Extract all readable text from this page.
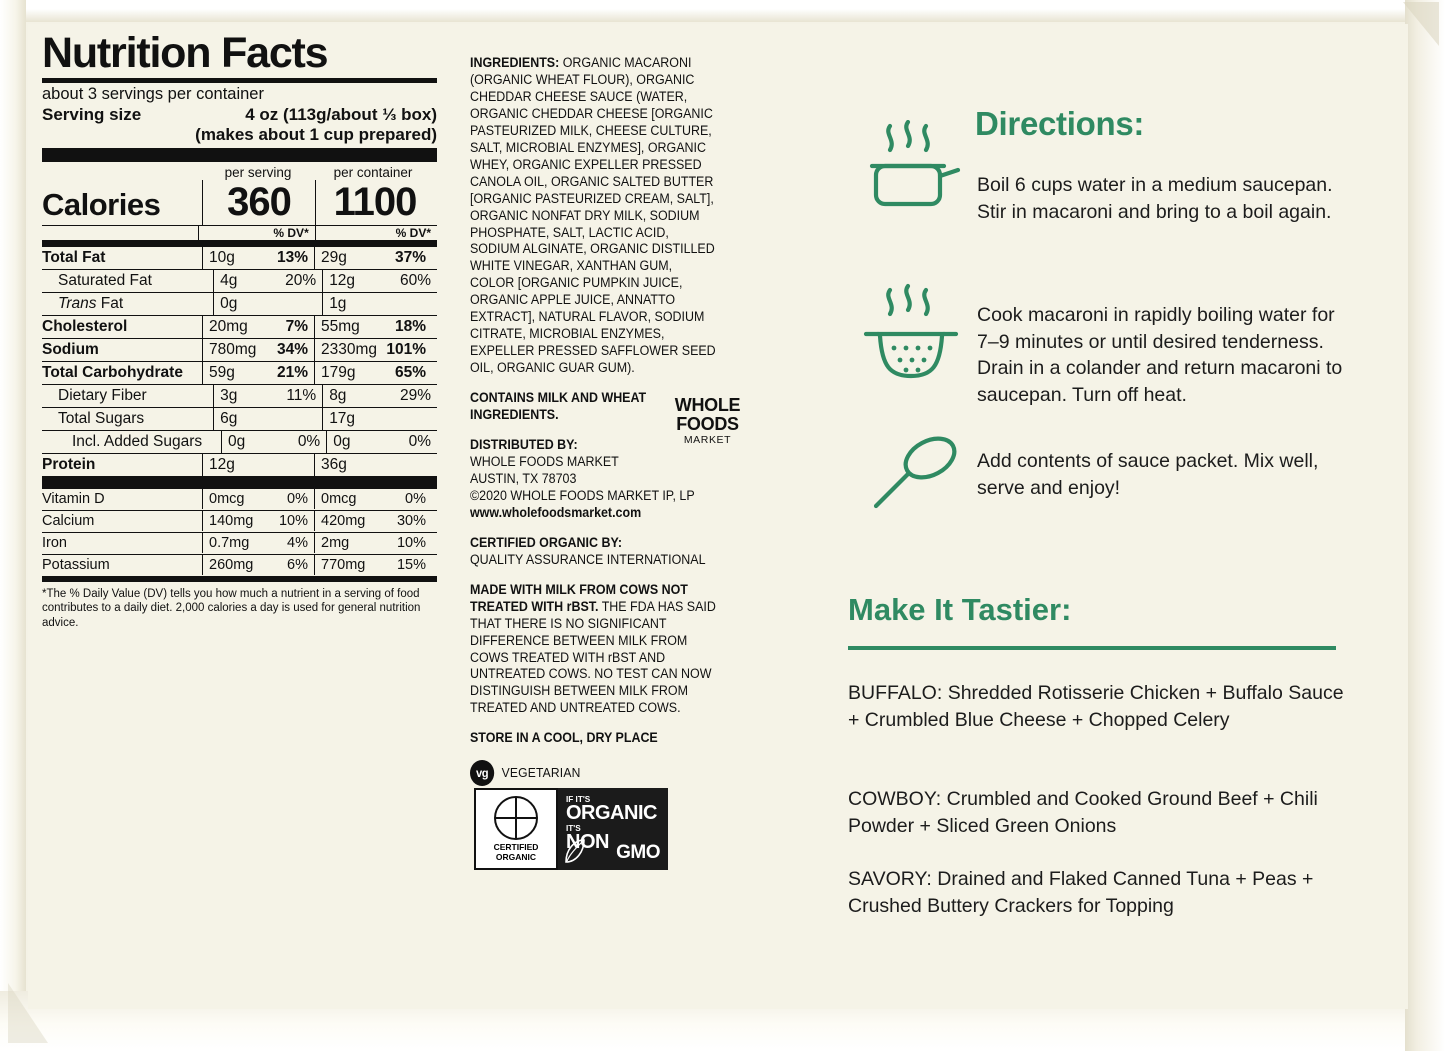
Nutrition Facts
about 3 servings per container
Serving size	4 oz (113g/about ⅓ box)
(makes about 1 cup prepared)
per serving	per container
Calories	360	1100
% DV*	% DV*
Total Fat	10g	13% 29g	37%
Saturated Fat	4g	20% 12g	60%
Trans Fat	0g	1g
Cholesterol	20mg 7% 55mg 18%
Sodium	780mg 34% 2330mg 101%
Total Carbohydrate	59g	21% 179g	65%
Dietary Fiber	3g	11% 8g	29%
Total Sugars	6g	17g
Incl. Added Sugars	0g	0% 0g	0%
Protein	12g	36g
Vitamin D	0mcg	0% 0mcg	0%
Calcium	140mg 10% 420mg 30%
Iron	0.7mg	4% 2mg	10%
Potassium	260mg 6% 770mg 15%
*The % Daily Value (DV) tells you how much a nutrient in a serving of food contributes to a daily diet. 2,000 calories a day is used for general nutrition advice.

INGREDIENTS: ORGANIC MACARONI (ORGANIC WHEAT FLOUR), ORGANIC CHEDDAR CHEESE SAUCE (WATER, ORGANIC CHEDDAR CHEESE [ORGANIC PASTEURIZED MILK, CHEESE CULTURE, SALT, MICROBIAL ENZYMES], ORGANIC WHEY, ORGANIC EXPELLER PRESSED CANOLA OIL, ORGANIC SALTED BUTTER [ORGANIC PASTEURIZED CREAM, SALT], ORGANIC NONFAT DRY MILK, SODIUM PHOSPHATE, SALT, LACTIC ACID, SODIUM ALGINATE, ORGANIC DISTILLED WHITE VINEGAR, XANTHAN GUM, COLOR [ORGANIC PUMPKIN JUICE, ORGANIC APPLE JUICE, ANNATTO EXTRACT], NATURAL FLAVOR, SODIUM CITRATE, MICROBIAL ENZYMES, EXPELLER PRESSED SAFFLOWER SEED OIL, ORGANIC GUAR GUM).

CONTAINS MILK AND WHEAT INGREDIENTS.

DISTRIBUTED BY:
WHOLE FOODS MARKET
AUSTIN, TX 78703
©2020 WHOLE FOODS MARKET IP, LP
www.wholefoodsmarket.com

CERTIFIED ORGANIC BY:
QUALITY ASSURANCE INTERNATIONAL

MADE WITH MILK FROM COWS NOT TREATED WITH rBST. THE FDA HAS SAID THAT THERE IS NO SIGNIFICANT DIFFERENCE BETWEEN MILK FROM COWS TREATED WITH rBST AND UNTREATED COWS. NO TEST CAN NOW DISTINGUISH BETWEEN MILK FROM TREATED AND UNTREATED COWS.

STORE IN A COOL, DRY PLACE

vg	VEGETARIAN

WHOLE
FOODS
MARKET
CERTIFIED
ORGANIC
IF IT'S
ORGANIC
IT'S
NON GMO
Directions:
Boil 6 cups water in a medium saucepan. Stir in macaroni and bring to a boil again.
Cook macaroni in rapidly boiling water for 7–9 minutes or until desired tenderness. Drain in a colander and return macaroni to saucepan. Turn off heat.
Add contents of sauce packet. Mix well, serve and enjoy!
Make It Tastier:
BUFFALO: Shredded Rotisserie Chicken + Buffalo Sauce + Crumbled Blue Cheese + Chopped Celery
COWBOY: Crumbled and Cooked Ground Beef + Chili Powder + Sliced Green Onions
SAVORY: Drained and Flaked Canned Tuna + Peas + Crushed Buttery Crackers for Topping
